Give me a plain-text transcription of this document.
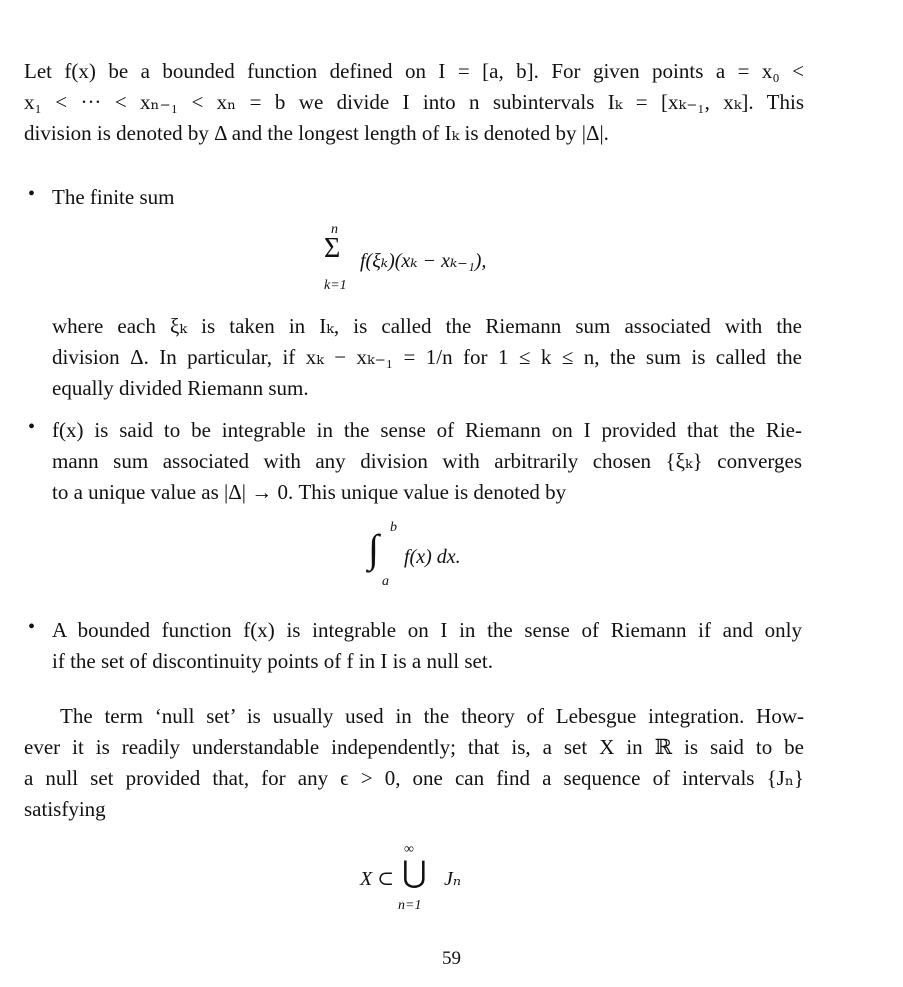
Let f(x) be a bounded function defined on I = [a, b]. For given points a = x₀ <
x₁ < ··· < xₙ₋₁ < xₙ = b we divide I into n subintervals Iₖ = [xₖ₋₁, xₖ]. This
division is denoted by Δ and the longest length of Iₖ is denoted by |Δ|.
• The finite sum
n
Σ f(ξₖ)(xₖ − xₖ₋₁),
k=1
where each ξₖ is taken in Iₖ, is called the Riemann sum associated with the
division Δ. In particular, if xₖ − xₖ₋₁ = 1/n for 1 ≤ k ≤ n, the sum is called the
equally divided Riemann sum.
• f(x) is said to be integrable in the sense of Riemann on I provided that the Rie-
mann sum associated with any division with arbitrarily chosen {ξₖ} converges
to a unique value as |Δ| → 0. This unique value is denoted by
∫ b
a
f(x) dx.
• A bounded function f(x) is integrable on I in the sense of Riemann if and only
if the set of discontinuity points of f in I is a null set.
The term ‘null set’ is usually used in the theory of Lebesgue integration. How-
ever it is readily understandable independently; that is, a set X in ℝ is said to be
a null set provided that, for any ϵ > 0, one can find a sequence of intervals {Jₙ}
satisfying
X ⊂
∞
⋃ Jₙ
n=1
59
